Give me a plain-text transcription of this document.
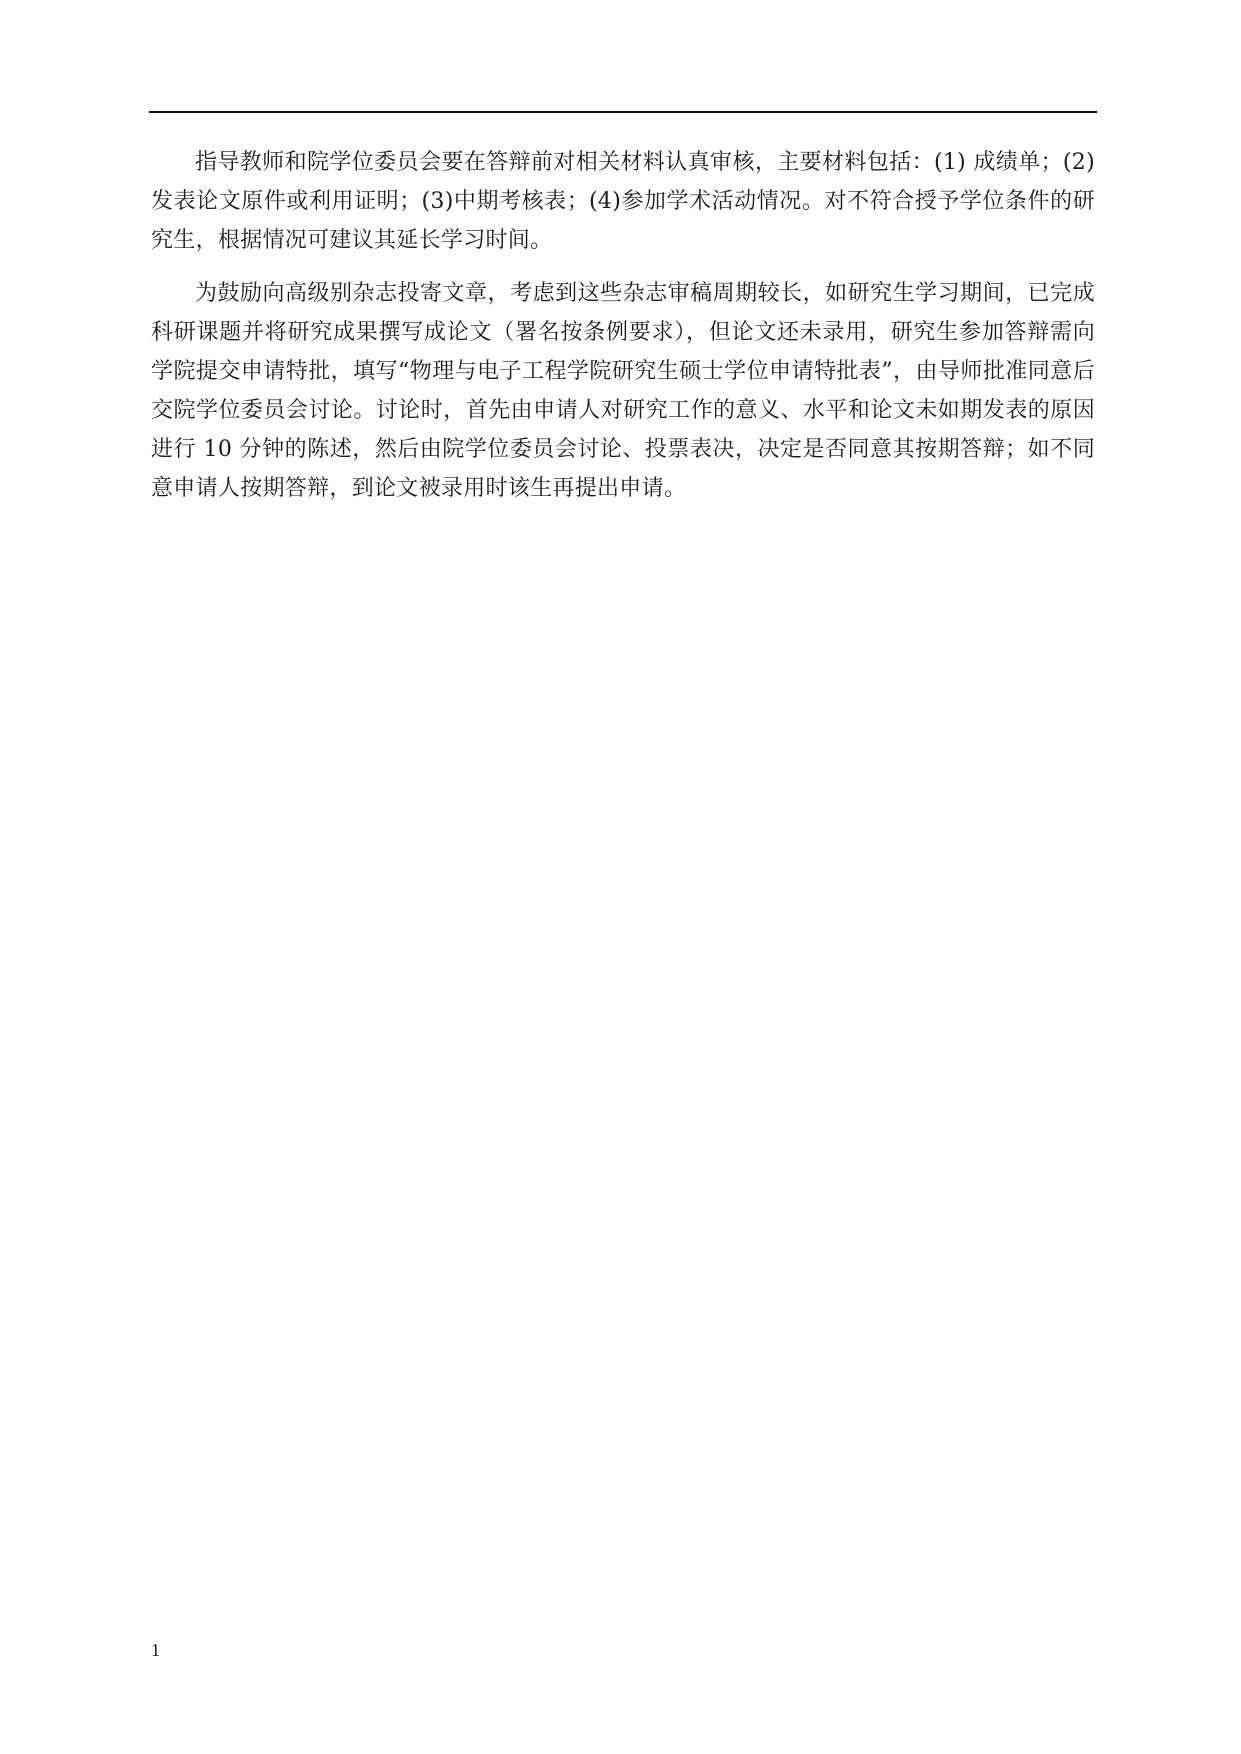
指导教师和院学位委员会要在答辩前对相关材料认真审核，主要材料包括：(1) 成绩单；(2)发表论文原件或利用证明；(3)中期考核表；(4)参加学术活动情况。对不符合授予学位条件的研究生，根据情况可建议其延长学习时间。

为鼓励向高级别杂志投寄文章，考虑到这些杂志审稿周期较长，如研究生学习期间，已完成科研课题并将研究成果撰写成论文（署名按条例要求），但论文还未录用，研究生参加答辩需向学院提交申请特批，填写“物理与电子工程学院研究生硕士学位申请特批表”，由导师批准同意后交院学位委员会讨论。讨论时，首先由申请人对研究工作的意义、水平和论文未如期发表的原因进行 10 分钟的陈述，然后由院学位委员会讨论、投票表决，决定是否同意其按期答辩；如不同意申请人按期答辩，到论文被录用时该生再提出申请。

1
